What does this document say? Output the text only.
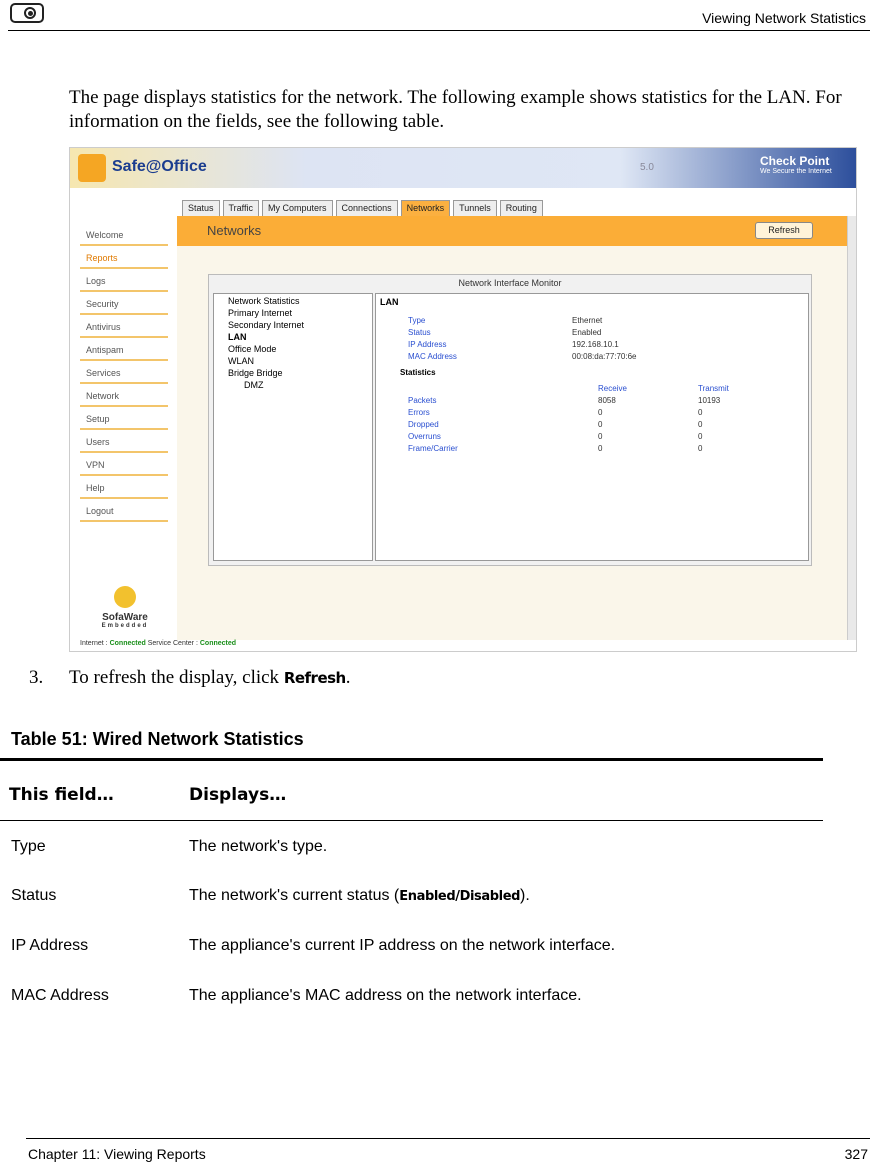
Viewing Network Statistics
The page displays statistics for the network. The following example shows statistics for the LAN. For information on the fields, see the following table.
Safe@Office	5.0	Check Point
We Secure the Internet
Welcome
Reports
Logs
Security
Antivirus
Antispam
Services
Network
Setup
Users
VPN
Help
Logout
SofaWare
Embedded
Status Traffic My Computers Connections Networks Tunnels Routing
Networks	Refresh
Network Interface Monitor
Network Statistics
Primary Internet
Secondary Internet
LAN
Office Mode
WLAN
Bridge Bridge
DMZ
LAN
Type	Ethernet
Status	Enabled
IP Address	192.168.10.1
MAC Address	00:08:da:77:70:6e
Statistics
Receive	Transmit
Packets	8058	10193
Errors	0	0
Dropped	0	0
Overruns	0	0
Frame/Carrier	0	0
Internet : Connected Service Center : Connected
3. To refresh the display, click Refresh.
Table 51: Wired Network Statistics
This field…	Displays…
Type	The network's type.
Status	The network's current status (Enabled/Disabled).
IP Address	The appliance's current IP address on the network interface.
MAC Address	The appliance's MAC address on the network interface.
Chapter 11: Viewing Reports	327
